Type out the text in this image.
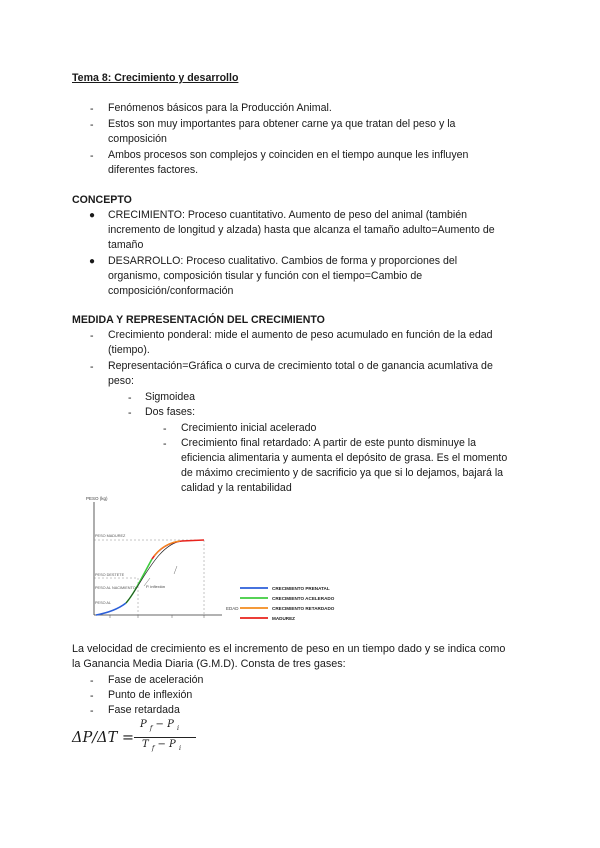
Tema 8: Crecimiento y desarrollo
- Fenómenos básicos para la Producción Animal.
- Estos son muy importantes para obtener carne ya que tratan del peso y la
composición
- Ambos procesos son complejos y coinciden en el tiempo aunque les influyen
diferentes factores.
CONCEPTO
● CRECIMIENTO: Proceso cuantitativo. Aumento de peso del animal (también
incremento de longitud y alzada) hasta que alcanza el tamaño adulto=Aumento de
tamaño
● DESARROLLO: Proceso cualitativo. Cambios de forma y proporciones del
organismo, composición tisular y función con el tiempo=Cambio de
composición/conformación
MEDIDA Y REPRESENTACIÓN DEL CRECIMIENTO
- Crecimiento ponderal: mide el aumento de peso acumulado en función de la edad
(tiempo).
- Representación=Gráfica o curva de crecimiento total o de ganancia acumlativa de
peso:
- Sigmoidea
- Dos fases:
- Crecimiento inicial acelerado
- Crecimiento final retardado: A partir de este punto disminuye la
eficiencia alimentaria y aumenta el depósito de grasa. Es el momento
de máximo crecimiento y de sacrificio ya que si lo dejamos, bajará la
calidad y la rentabilidad
PESO (kg)
EDAD
PESO MADUREZ
PESO DESTETE
PESO AL NACIMIENTO
PESO AL
P. inflexión	CRECIMIENTO PRENATAL
CRECIMIENTO ACELERADO
CRECIMIENTO RETARDADO
MADUREZ
La velocidad de crecimiento es el incremento de peso en un tiempo dado y se indica como
la Ganancia Media Diaria (G.M.D). Consta de tres gases:
- Fase de aceleración
- Punto de inflexión
- Fase retardada
ΔP/ΔT =
P $_f$ − P $_i$
T $_f$ − P $_i$
